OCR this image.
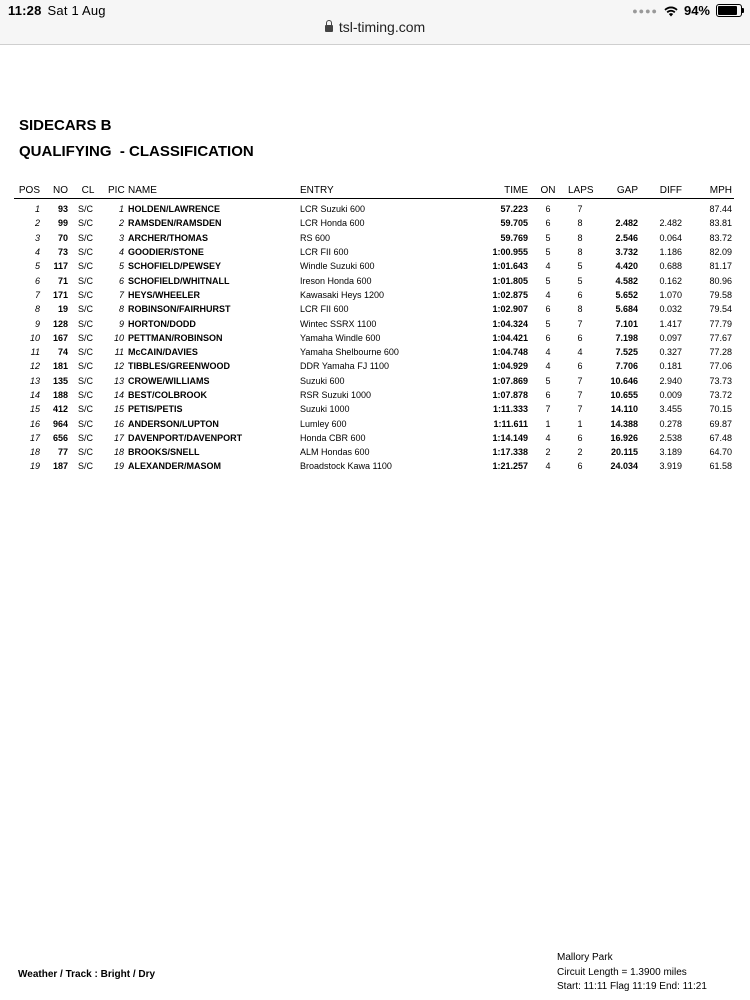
11:28 Sat 1 Aug	●●●● 94%
tsl-timing.com
SIDECARS B
QUALIFYING  - CLASSIFICATION
POS	NO	CL	PIC	NAME	ENTRY	TIME	ON	LAPS	GAP	DIFF	MPH
1	93	S/C	1	HOLDEN/LAWRENCE	LCR Suzuki 600	57.223	6	7			87.44
2	99	S/C	2	RAMSDEN/RAMSDEN	LCR Honda 600	59.705	6	8	2.482	2.482	83.81
3	70	S/C	3	ARCHER/THOMAS	RS 600	59.769	5	8	2.546	0.064	83.72
4	73	S/C	4	GOODIER/STONE	LCR FII 600	1:00.955	5	8	3.732	1.186	82.09
5	117	S/C	5	SCHOFIELD/PEWSEY	Windle Suzuki 600	1:01.643	4	5	4.420	0.688	81.17
6	71	S/C	6	SCHOFIELD/WHITNALL	Ireson Honda 600	1:01.805	5	5	4.582	0.162	80.96
7	171	S/C	7	HEYS/WHEELER	Kawasaki Heys 1200	1:02.875	4	6	5.652	1.070	79.58
8	19	S/C	8	ROBINSON/FAIRHURST	LCR FII 600	1:02.907	6	8	5.684	0.032	79.54
9	128	S/C	9	HORTON/DODD	Wintec SSRX 1100	1:04.324	5	7	7.101	1.417	77.79
10	167	S/C	10	PETTMAN/ROBINSON	Yamaha Windle 600	1:04.421	6	6	7.198	0.097	77.67
11	74	S/C	11	McCAIN/DAVIES	Yamaha Shelbourne 600	1:04.748	4	4	7.525	0.327	77.28
12	181	S/C	12	TIBBLES/GREENWOOD	DDR Yamaha FJ 1100	1:04.929	4	6	7.706	0.181	77.06
13	135	S/C	13	CROWE/WILLIAMS	Suzuki 600	1:07.869	5	7	10.646	2.940	73.73
14	188	S/C	14	BEST/COLBROOK	RSR Suzuki 1000	1:07.878	6	7	10.655	0.009	73.72
15	412	S/C	15	PETIS/PETIS	Suzuki 1000	1:11.333	7	7	14.110	3.455	70.15
16	964	S/C	16	ANDERSON/LUPTON	Lumley 600	1:11.611	1	1	14.388	0.278	69.87
17	656	S/C	17	DAVENPORT/DAVENPORT	Honda CBR 600	1:14.149	4	6	16.926	2.538	67.48
18	77	S/C	18	BROOKS/SNELL	ALM Hondas 600	1:17.338	2	2	20.115	3.189	64.70
19	187	S/C	19	ALEXANDER/MASOM	Broadstock Kawa 1100	1:21.257	4	6	24.034	3.919	61.58
Weather / Track : Bright / Dry
Mallory Park
Circuit Length = 1.3900 miles
Start: 11:11 Flag 11:19 End: 11:21
